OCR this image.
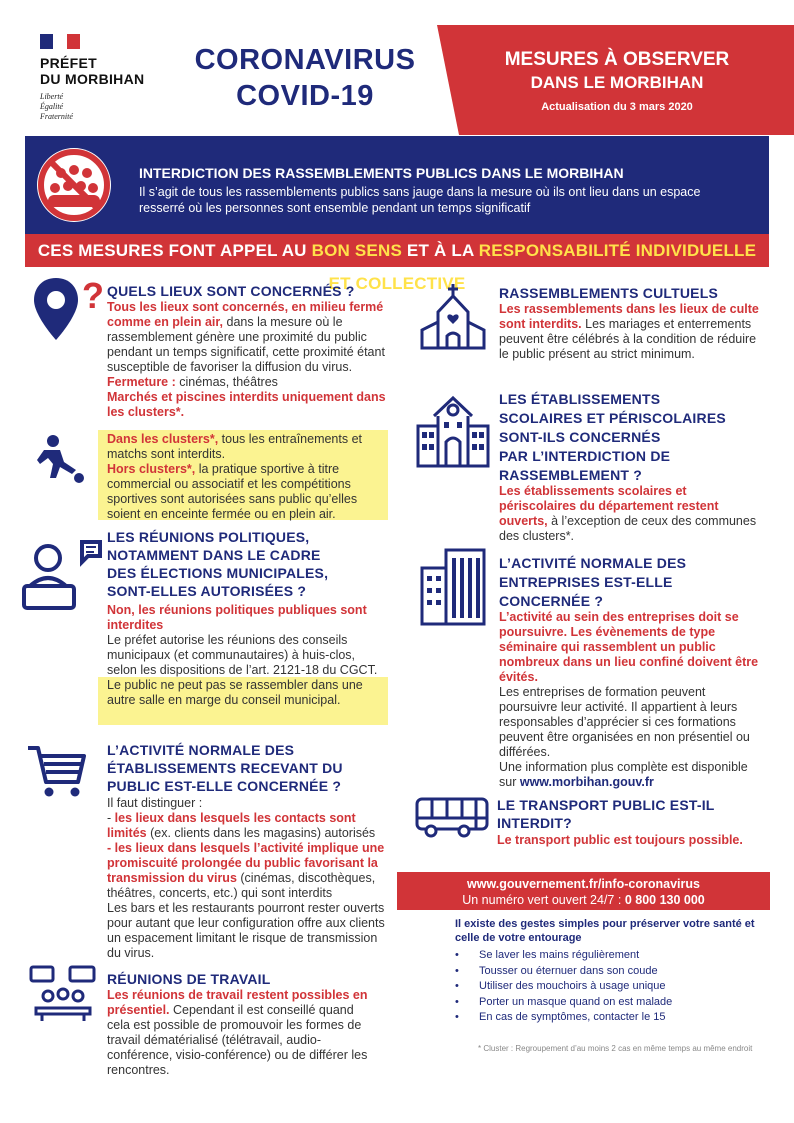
PRÉFET
DU MORBIHAN
Liberté
Égalité
Fraternité
CORONAVIRUS
COVID-19
MESURES À OBSERVER
DANS LE MORBIHAN
Actualisation du 3 mars 2020
INTERDICTION DES RASSEMBLEMENTS PUBLICS DANS LE MORBIHAN
Il s’agit de tous les rassemblements publics sans jauge dans la mesure où ils ont lieu dans un espace resserré où les personnes sont ensemble pendant un temps significatif
CES MESURES FONT APPEL AU BON SENS ET À LA RESPONSABILITÉ INDIVIDUELLE ET COLLECTIVE
? QUELS LIEUX SONT CONCERNÉS ?
Tous les lieux sont concernés, en milieu fermé comme en plein air, dans la mesure où le rassemblement génère une proximité du public pendant un temps significatif, cette proximité étant susceptible de favoriser la diffusion du virus.
Fermeture : cinémas, théâtres
Marchés et piscines interdits uniquement dans les clusters*.
Dans les clusters*, tous les entraînements et matchs sont interdits.
Hors clusters*, la pratique sportive à titre commercial ou associatif et les compétitions sportives sont autorisées sans public qu’elles soient en enceinte fermée ou en plein air.
LES RÉUNIONS POLITIQUES,
NOTAMMENT DANS LE CADRE
DES ÉLECTIONS MUNICIPALES,
SONT-ELLES AUTORISÉES ?
Non, les réunions politiques publiques sont interdites
Le préfet autorise les réunions des conseils municipaux (et communautaires) à huis-clos, selon les dispositions de l’art. 2121-18 du CGCT. Le public ne peut pas se rassembler dans une autre salle en marge du conseil municipal.
L’ACTIVITÉ NORMALE DES
ÉTABLISSEMENTS RECEVANT DU
PUBLIC EST-ELLE CONCERNÉE ?
Il faut distinguer :
- les lieux dans lesquels les contacts sont limités (ex. clients dans les magasins) autorisés
- les lieux dans lesquels l’activité implique une promiscuité prolongée du public favorisant la transmission du virus (cinémas, discothèques, théâtres, concerts, etc.) qui sont interdits
Les bars et les restaurants pourront rester ouverts pour autant que leur configuration offre aux clients un espacement limitant le risque de transmission du virus.
RÉUNIONS DE TRAVAIL
Les réunions de travail restent possibles en présentiel. Cependant il est conseillé quand cela est possible de promouvoir les formes de travail dématérialisé (télétravail, audio-conférence, visio-conférence) ou de différer les rencontres.
RASSEMBLEMENTS CULTUELS
Les rassemblements dans les lieux de culte sont interdits. Les mariages et enterrements peuvent être célébrés à la condition de réduire le public présent au strict minimum.
LES ÉTABLISSEMENTS
SCOLAIRES ET PÉRISCOLAIRES
SONT-ILS CONCERNÉS
PAR L’INTERDICTION DE
RASSEMBLEMENT ?
Les établissements scolaires et périscolaires du département restent ouverts, à l’exception de ceux des communes des clusters*.
L’ACTIVITÉ NORMALE DES
ENTREPRISES EST-ELLE
CONCERNÉE ?
L’activité au sein des entreprises doit se poursuivre. Les évènements de type séminaire qui rassemblent un public nombreux dans un lieu confiné doivent être évités.
Les entreprises de formation peuvent poursuivre leur activité. Il appartient à leurs responsables d’apprécier si ces formations peuvent être organisées en non présentiel ou différées.
Une information plus complète est disponible sur www.morbihan.gouv.fr
LE TRANSPORT PUBLIC EST-IL
INTERDIT?
Le transport public est toujours possible.
www.gouvernement.fr/info-coronavirus
Un numéro vert ouvert 24/7 : 0 800 130 000
Il existe des gestes simples pour préserver votre santé et celle de votre entourage
• Se laver les mains régulièrement
• Tousser ou éternuer dans son coude
• Utiliser des mouchoirs à usage unique
• Porter un masque quand on est malade
• En cas de symptômes, contacter le 15
* Cluster : Regroupement d’au moins 2 cas en même temps au même endroit
